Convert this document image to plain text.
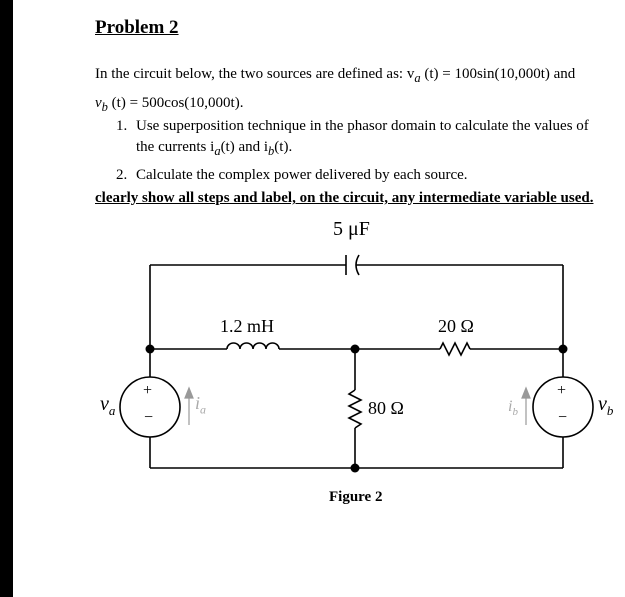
Problem 2
In the circuit below, the two sources are defined as: $v_a$ (t) = 100sin(10,000t) and
$v_b$ (t) = 500cos(10,000t).
1. Use superposition technique in the phasor domain to calculate the values of
the currents $i_a(t)$ and $i_b(t)$.
2. Calculate the complex power delivered by each source.
clearly show all steps and label, on the circuit, any intermediate variable used.
5 μF
1.2 mH	20 Ω
80 Ω
+
−
+
−
$v_a$	$v_b$
$i_a$	$i_b$
Figure 2
